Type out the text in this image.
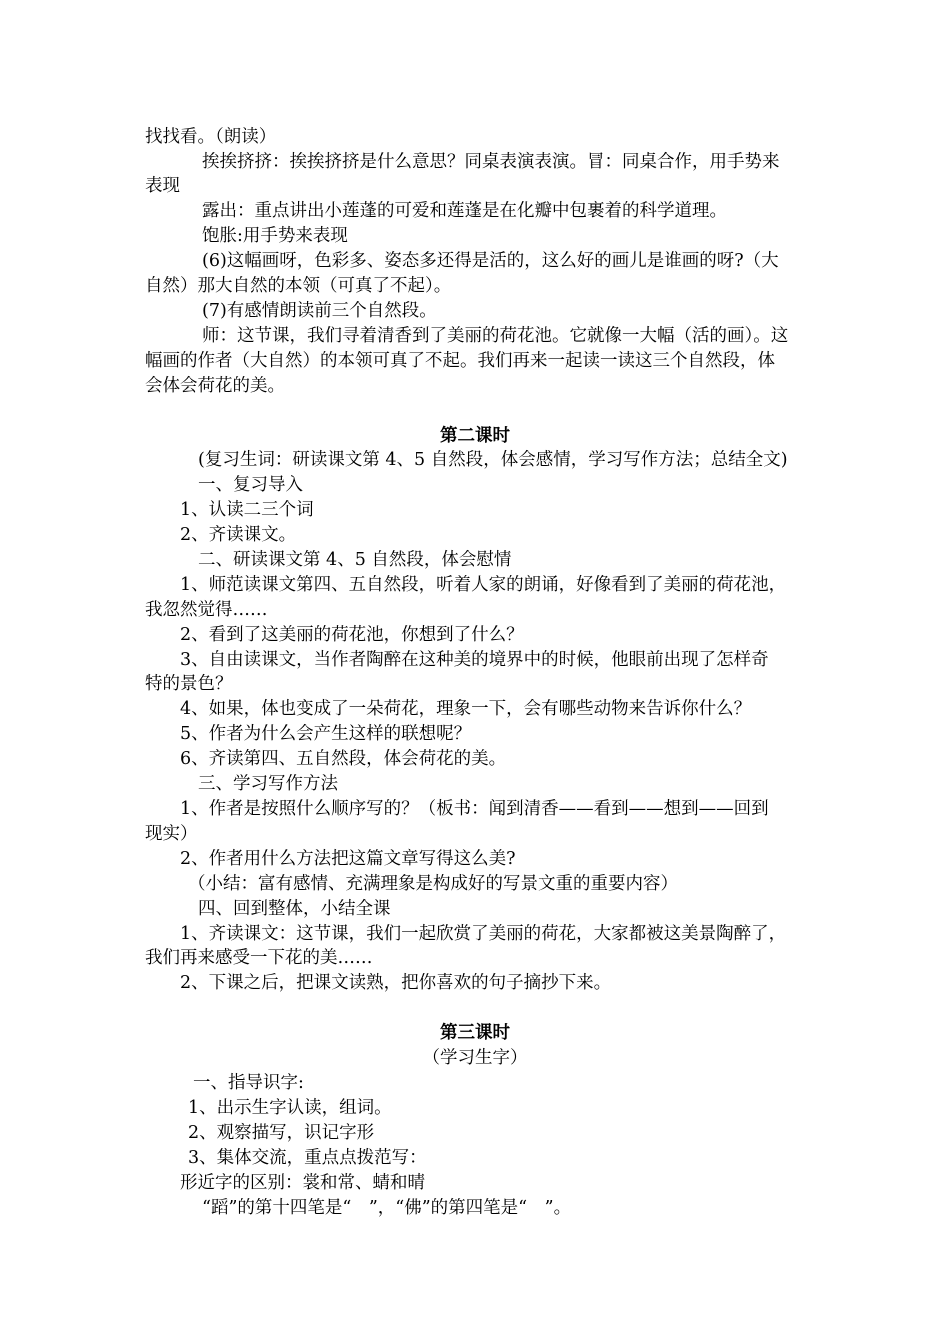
找找看。（朗读）
挨挨挤挤：挨挨挤挤是什么意思？同桌表演表演。冒：同桌合作，用手势来
表现
露出：重点讲出小莲蓬的可爱和莲蓬是在化瓣中包裹着的科学道理。
饱胀:用手势来表现
(6)这幅画呀，色彩多、姿态多还得是活的，这么好的画儿是谁画的呀?（大
自然）那大自然的本领（可真了不起）。
(7)有感情朗读前三个自然段。
师：这节课，我们寻着清香到了美丽的荷花池。它就像一大幅（活的画）。这
幅画的作者（大自然）的本领可真了不起。我们再来一起读一读这三个自然段，体
会体会荷花的美。
第二课时
(复习生词：研读课文第 4、5 自然段，体会感情，学习写作方法；总结全文)
一、复习导入
1、认读二三个词
2、齐读课文。
二、研读课文第 4、5 自然段，体会慰情
1、师范读课文第四、五自然段，听着人家的朗诵，好像看到了美丽的荷花池，
我忽然觉得……
2、看到了这美丽的荷花池，你想到了什么？
3、自由读课文，当作者陶醉在这种美的境界中的时候，他眼前出现了怎样奇
特的景色？
4、如果，体也变成了一朵荷花，理象一下，会有哪些动物来告诉你什么？
5、作者为什么会产生这样的联想呢？
6、齐读第四、五自然段，体会荷花的美。
三、学习写作方法
1、作者是按照什么顺序写的？（板书：闻到清香——看到——想到——回到
现实）
2、作者用什么方法把这篇文章写得这么美?
（小结：富有感情、充满理象是构成好的写景文重的重要内容）
四、回到整体，小结全课
1、齐读课文：这节课，我们一起欣赏了美丽的荷花，大家都被这美景陶醉了，
我们再来感受一下花的美……
2、下课之后，把课文读熟，把你喜欢的句子摘抄下来。
第三课时
（学习生字）
一、指导识字:
1、出示生字认读，组词。
2、观察描写，识记字形
3、集体交流，重点点拨范写：
形近字的区别：裳和常、蜻和晴
“蹈”的第十四笔是“　”，“佛”的第四笔是“　”。
